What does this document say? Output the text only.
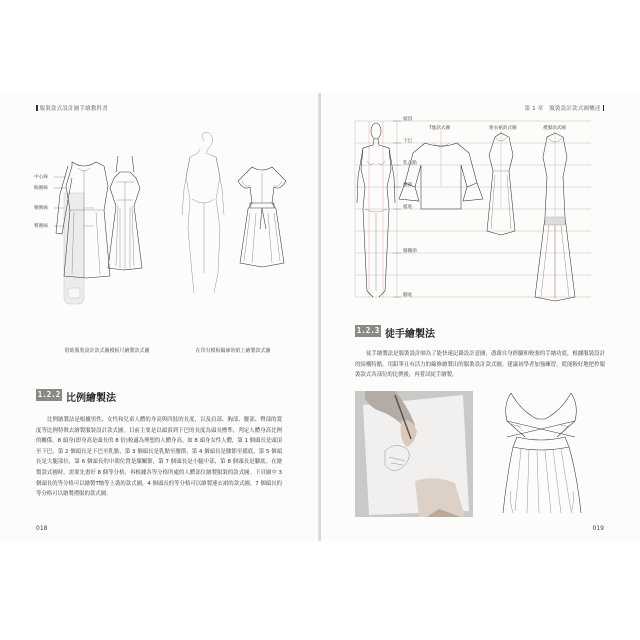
服裝款式設計圖手繪教科書
中心線
胸圍線
腰圍線
臀圍線
借助服裝設計款式圖模板尺繪製款式圖	在印有模板輪廓的紙上繪製款式圖
1.2.2 比例繪製法
比例繪製法是根據男性、女性和兒童人體的身高與四肢的長度，以及肩部、胸部、腰部、臀部的寬度等比例特徵去繪製服裝設計款式圖。目前主要是以頭頂到下巴的長度為頭長標準，判定人體身高比例的關係。8 頭身(即身高是頭長的 8 倍)較適為理想的人體身高。如 8 頭身女性人體，第 1 個頭長是頭頂至下巴，第 2 個頭長是下巴至乳點，第 3 個頭長是乳點至腰節，第 4 個頭長是腰節至襠底，第 5 個頭長是大腿部位，第 6 個頭長的中間位置是膝關節，第 7 個頭長是小腿中部，第 8 個頭長是腳底。在繪製款式圖時，需要先畫好 8 個等分格，再根據各等分格所處的人體部位繪製服裝的款式圖。下頁圖中 3 個頭長的等分格可以繪製T恤等上裝的款式圖，4 個頭長的等分格可以繪製連衣裙的款式圖，7 個頭長的等分格可以繪製禮服的款式圖。
018
第 1 章　服裝設計款式圖概述
頭頂
下巴
乳凸點
腰節
襠底
膝關節
腳底
T恤款式圖	連衣裙款式圖	禮服款式圖
1.2.3 徒手繪製法
徒手繪製法是服裝設計師為了能快速記錄設計意圖，憑藉自身經驗和較強的手繪功底，根據服裝設計的結構特點，用鉛筆且有活力的線條繪製出的服裝設計款式圖。建議初學者加強練習，從能較好地把控服裝款式各部位的比例後，再嘗試徒手繪製。
019
